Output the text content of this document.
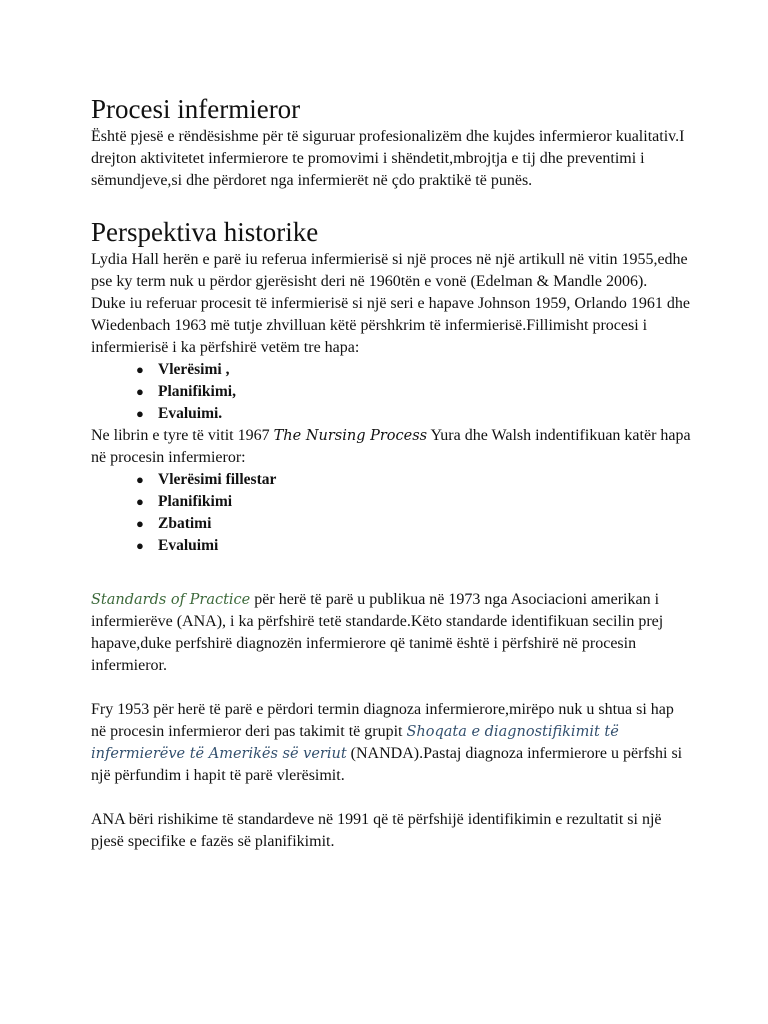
Procesi infermieror

Është pjesë e rëndësishme për të siguruar profesionalizëm dhe kujdes infermieror kualitativ.I drejton aktivitetet infermierore te promovimi i shëndetit,mbrojtja e tij dhe preventimi i sëmundjeve,si dhe përdoret nga infermierët në çdo praktikë të punës.

Perspektiva historike

Lydia Hall herën e parë iu referua infermierisë si një proces në një artikull në vitin 1955,edhe pse ky term nuk u përdor gjerësisht deri në 1960tën e vonë (Edelman & Mandle 2006).

Duke iu referuar procesit të infermierisë si një seri e hapave Johnson 1959, Orlando 1961 dhe Wiedenbach 1963 më tutje zhvilluan këtë përshkrim të infermierisë.Fillimisht procesi i infermierisë i ka përfshirë vetëm tre hapa:

● Vlerësimi ,
● Planifikimi,
● Evaluimi.

Ne librin e tyre të vitit 1967 The Nursing Process Yura dhe Walsh indentifikuan katër hapa në procesin infermieror:

● Vlerësimi fillestar
● Planifikimi
● Zbatimi
● Evaluimi

Standards of Practice për herë të parë u publikua në 1973 nga Asociacioni amerikan i infermierëve (ANA), i ka përfshirë tetë standarde.Këto standarde identifikuan secilin prej hapave,duke perfshirë diagnozën infermierore që tanimë është i përfshirë në procesin infermieror.

Fry 1953 për herë të parë e përdori termin diagnoza infermierore,mirëpo nuk u shtua si hap në procesin infermieror deri pas takimit të grupit Shoqata e diagnostifikimit të infermierëve të Amerikës së veriut (NANDA).Pastaj diagnoza infermierore u përfshi si një përfundim i hapit të parë vlerësimit.

ANA bëri rishikime të standardeve në 1991 që të përfshijë identifikimin e rezultatit si një pjesë specifike e fazës së planifikimit.
